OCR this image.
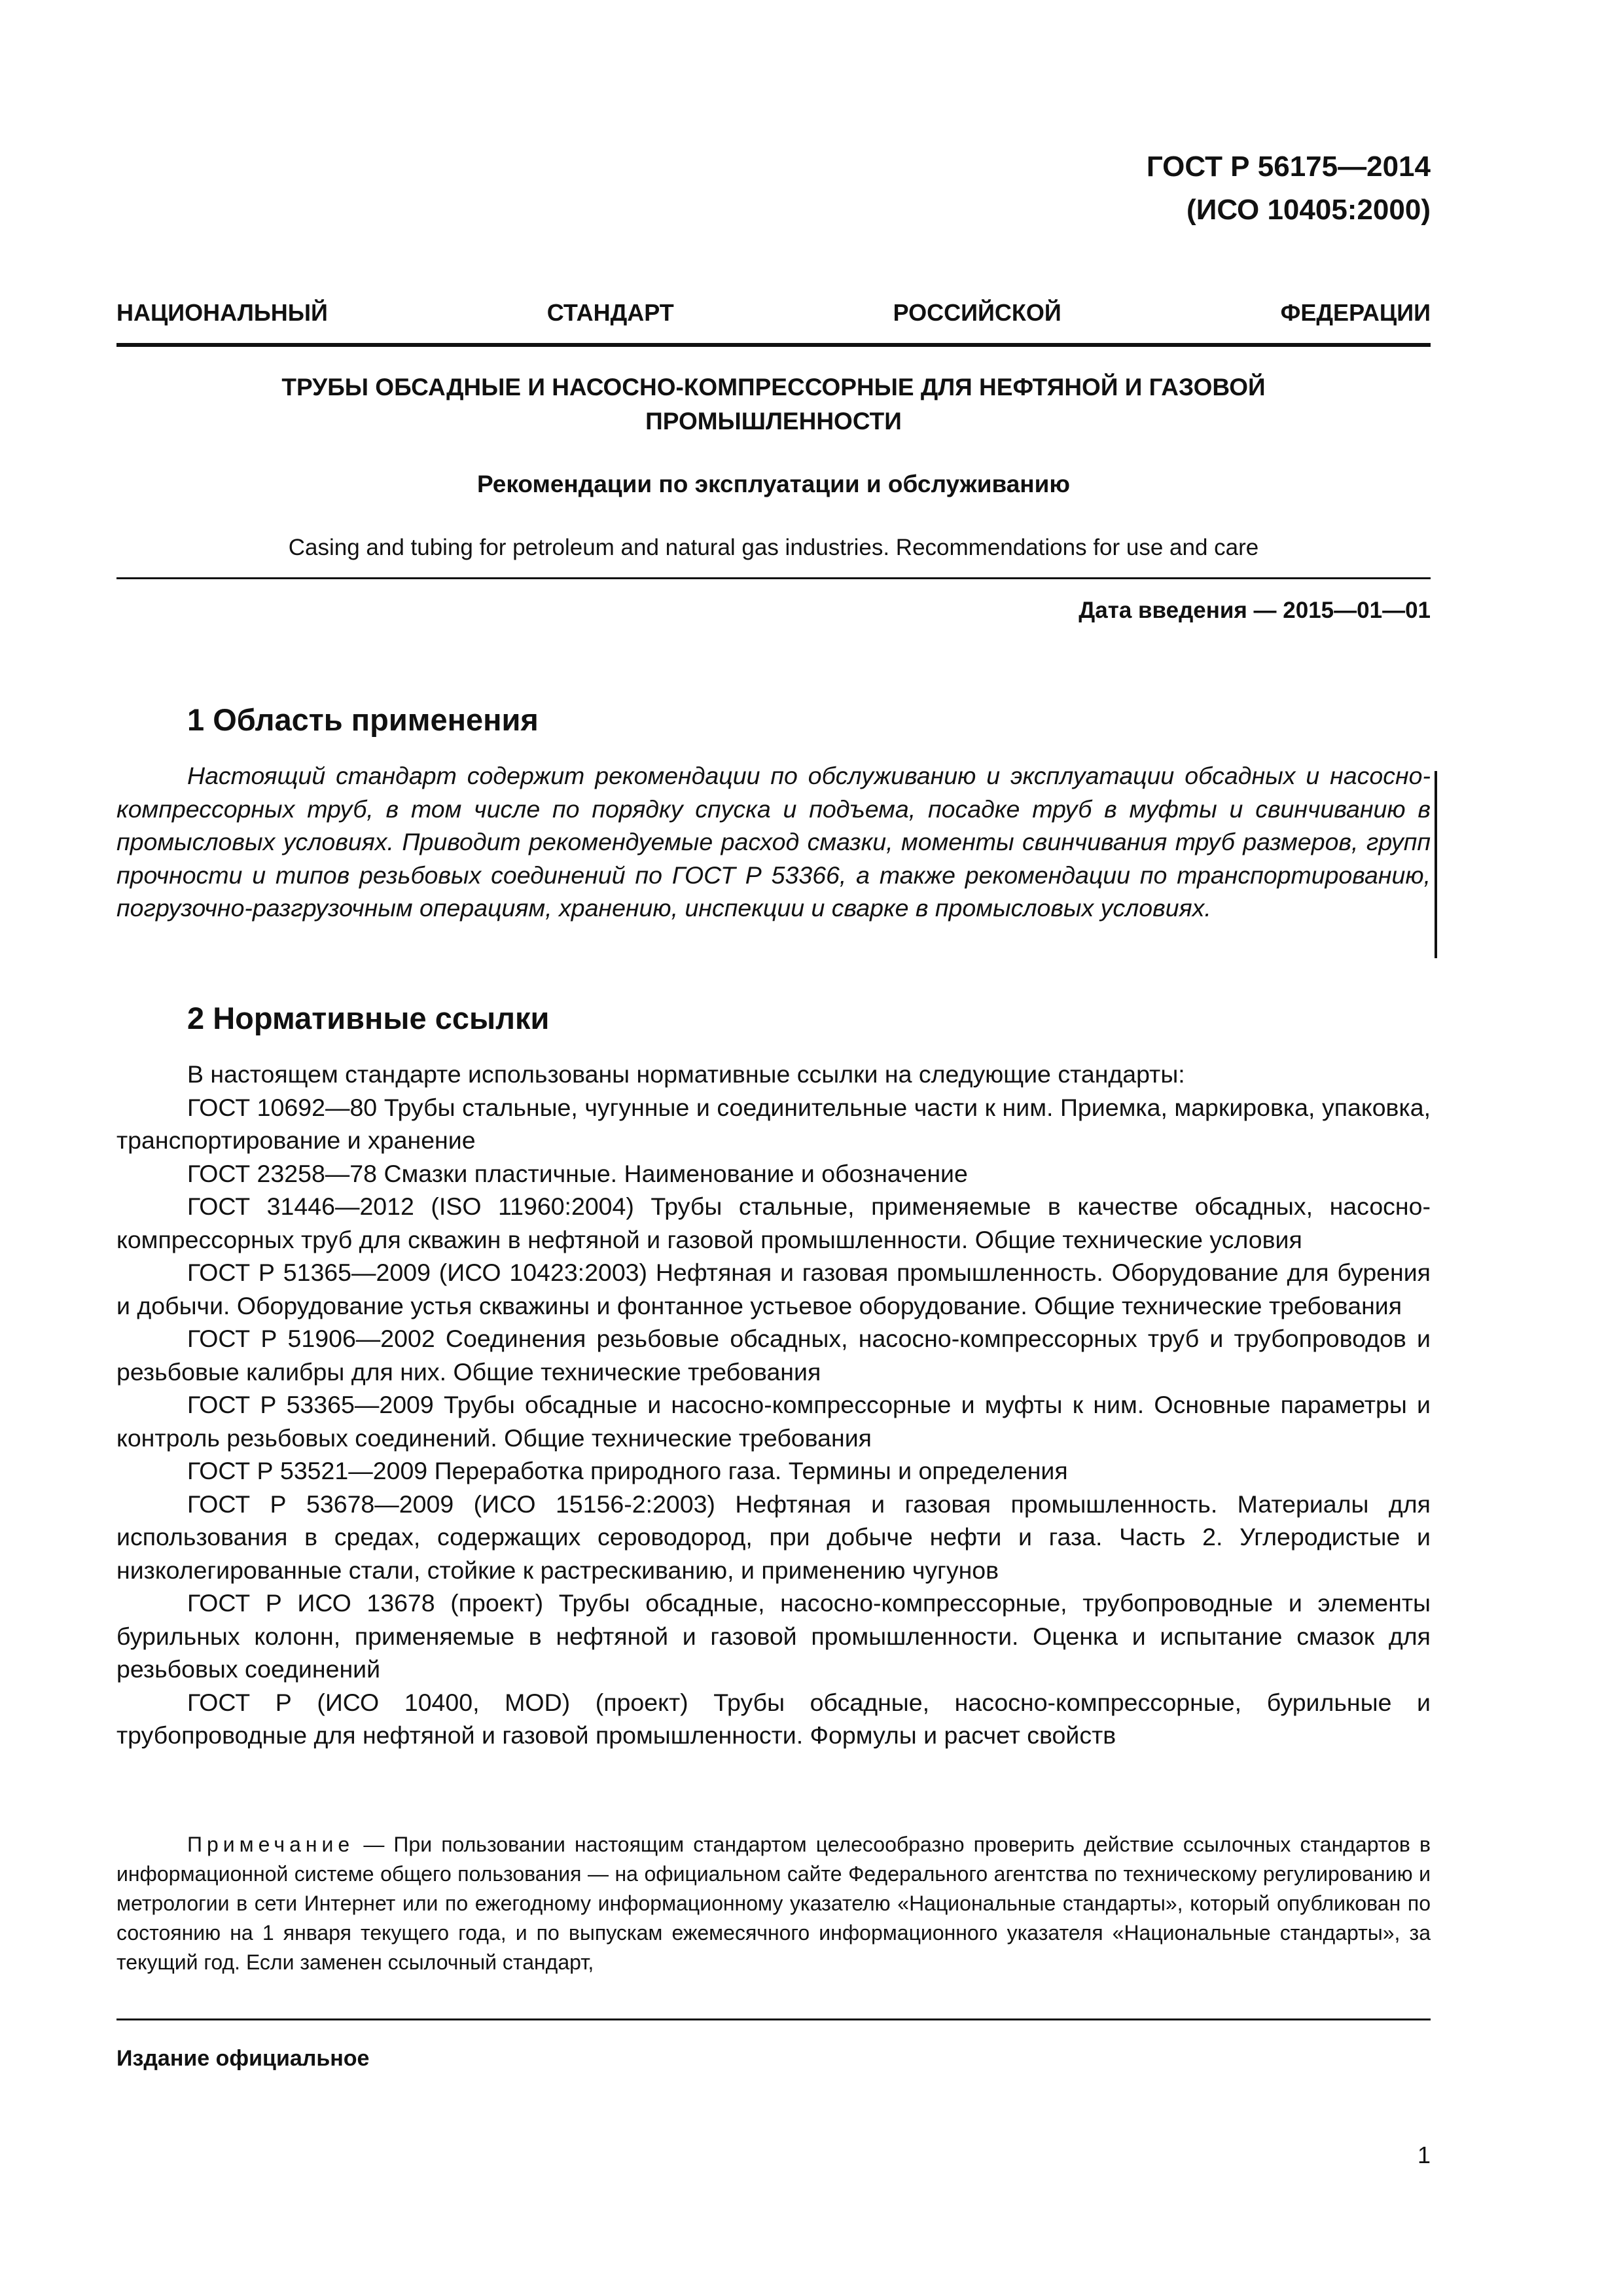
ГОСТ Р 56175—2014
(ИСО 10405:2000)
НАЦИОНАЛЬНЫЙ	СТАНДАРТ	РОССИЙСКОЙ	ФЕДЕРАЦИИ
ТРУБЫ ОБСАДНЫЕ И НАСОСНО-КОМПРЕССОРНЫЕ ДЛЯ НЕФТЯНОЙ И ГАЗОВОЙ
ПРОМЫШЛЕННОСТИ
Рекомендации по эксплуатации и обслуживанию
Casing and tubing for petroleum and natural gas industries. Recommendations for use and care
Дата введения — 2015—01—01
1 Область применения

Настоящий стандарт содержит рекомендации по обслуживанию и эксплуатации обсадных и насосно-компрессорных труб, в том числе по порядку спуска и подъема, посадке труб в муфты и свинчиванию в промысловых условиях. Приводит рекомендуемые расход смазки, моменты свинчивания труб размеров, групп прочности и типов резьбовых соединений по ГОСТ Р 53366, а также рекомендации по транспортированию, погрузочно-разгрузочным операциям, хранению, инспекции и сварке в промысловых условиях.

2 Нормативные ссылки

В настоящем стандарте использованы нормативные ссылки на следующие стандарты:

ГОСТ 10692—80 Трубы стальные, чугунные и соединительные части к ним. Приемка, маркировка, упаковка, транспортирование и хранение

ГОСТ 23258—78 Смазки пластичные. Наименование и обозначение

ГОСТ 31446—2012 (ISO 11960:2004) Трубы стальные, применяемые в качестве обсадных, насосно-компрессорных труб для скважин в нефтяной и газовой промышленности. Общие технические условия

ГОСТ Р 51365—2009 (ИСО 10423:2003) Нефтяная и газовая промышленность. Оборудование для бурения и добычи. Оборудование устья скважины и фонтанное устьевое оборудование. Общие технические требования

ГОСТ Р 51906—2002 Соединения резьбовые обсадных, насосно-компрессорных труб и трубопроводов и резьбовые калибры для них. Общие технические требования

ГОСТ Р 53365—2009 Трубы обсадные и насосно-компрессорные и муфты к ним. Основные параметры и контроль резьбовых соединений. Общие технические требования

ГОСТ Р 53521—2009 Переработка природного газа. Термины и определения

ГОСТ Р 53678—2009 (ИСО 15156-2:2003) Нефтяная и газовая промышленность. Материалы для использования в средах, содержащих сероводород, при добыче нефти и газа. Часть 2. Углеродистые и низколегированные стали, стойкие к растрескиванию, и применению чугунов

ГОСТ Р ИСО 13678 (проект) Трубы обсадные, насосно-компрессорные, трубопроводные и элементы бурильных колонн, применяемые в нефтяной и газовой промышленности. Оценка и испытание смазок для резьбовых соединений

ГОСТ Р (ИСО 10400, MOD) (проект) Трубы обсадные, насосно-компрессорные, бурильные и трубопроводные для нефтяной и газовой промышленности. Формулы и расчет свойств

Примечание — При пользовании настоящим стандартом целесообразно проверить действие ссылочных стандартов в информационной системе общего пользования — на официальном сайте Федерального агентства по техническому регулированию и метрологии в сети Интернет или по ежегодному информационному указателю «Национальные стандарты», который опубликован по состоянию на 1 января текущего года, и по выпускам ежемесячного информационного указателя «Национальные стандарты», за текущий год. Если заменен ссылочный стандарт,

Издание официальное
1
